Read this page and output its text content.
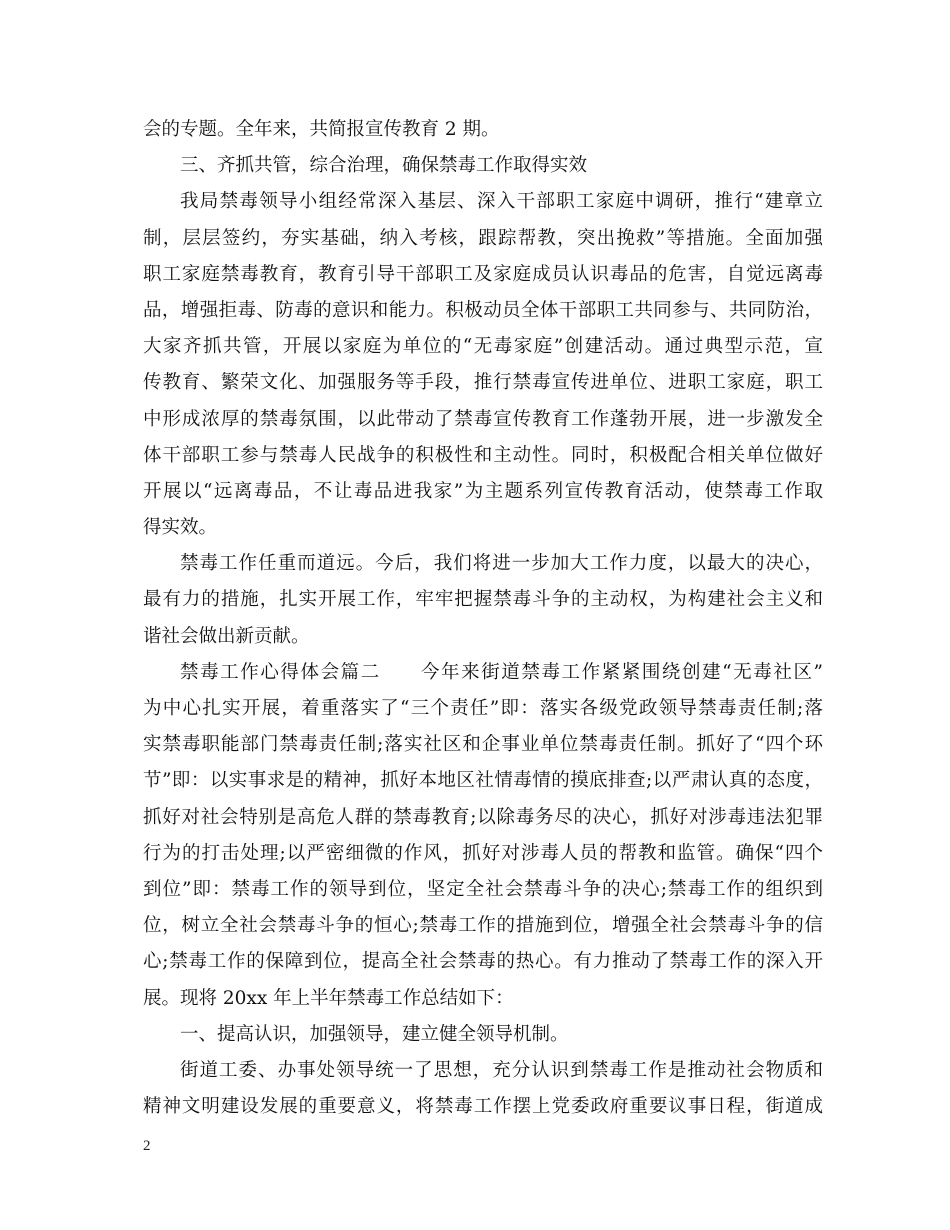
会的专题。全年来，共简报宣传教育 2 期。
三、齐抓共管，综合治理，确保禁毒工作取得实效
我局禁毒领导小组经常深入基层、深入干部职工家庭中调研，推行“建章立
制，层层签约，夯实基础，纳入考核，跟踪帮教，突出挽救”等措施。全面加强
职工家庭禁毒教育，教育引导干部职工及家庭成员认识毒品的危害，自觉远离毒
品，增强拒毒、防毒的意识和能力。积极动员全体干部职工共同参与、共同防治，
大家齐抓共管，开展以家庭为单位的“无毒家庭”创建活动。通过典型示范，宣
传教育、繁荣文化、加强服务等手段，推行禁毒宣传进单位、进职工家庭，职工
中形成浓厚的禁毒氛围，以此带动了禁毒宣传教育工作蓬勃开展，进一步激发全
体干部职工参与禁毒人民战争的积极性和主动性。同时，积极配合相关单位做好
开展以“远离毒品，不让毒品进我家”为主题系列宣传教育活动，使禁毒工作取
得实效。
禁毒工作任重而道远。今后，我们将进一步加大工作力度，以最大的决心，
最有力的措施，扎实开展工作，牢牢把握禁毒斗争的主动权，为构建社会主义和
谐社会做出新贡献。
禁毒工作心得体会篇二　　今年来街道禁毒工作紧紧围绕创建“无毒社区”
为中心扎实开展，着重落实了“三个责任”即：落实各级党政领导禁毒责任制;落
实禁毒职能部门禁毒责任制;落实社区和企事业单位禁毒责任制。抓好了“四个环
节”即：以实事求是的精神，抓好本地区社情毒情的摸底排查;以严肃认真的态度，
抓好对社会特别是高危人群的禁毒教育;以除毒务尽的决心，抓好对涉毒违法犯罪
行为的打击处理;以严密细微的作风，抓好对涉毒人员的帮教和监管。确保“四个
到位”即：禁毒工作的领导到位，坚定全社会禁毒斗争的决心;禁毒工作的组织到
位，树立全社会禁毒斗争的恒心;禁毒工作的措施到位，增强全社会禁毒斗争的信
心;禁毒工作的保障到位，提高全社会禁毒的热心。有力推动了禁毒工作的深入开
展。现将 20xx 年上半年禁毒工作总结如下：
一、提高认识，加强领导，建立健全领导机制。
街道工委、办事处领导统一了思想，充分认识到禁毒工作是推动社会物质和
精神文明建设发展的重要意义，将禁毒工作摆上党委政府重要议事日程，街道成
2
